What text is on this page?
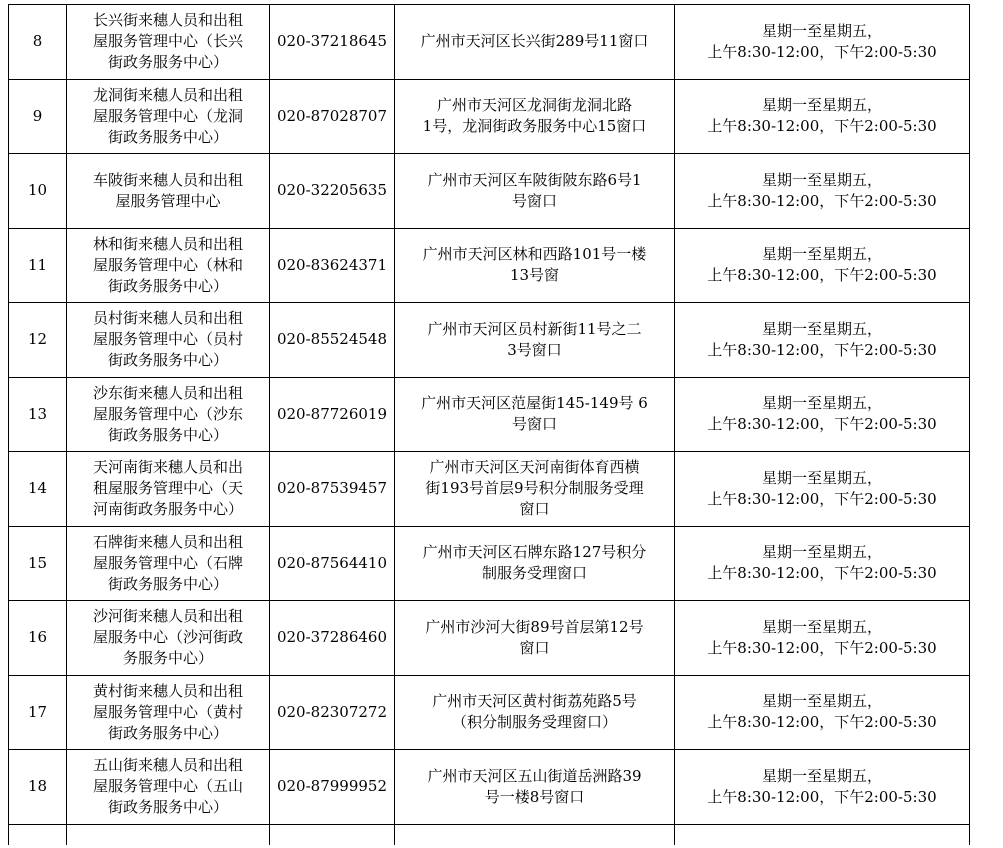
8	长兴街来穗人员和出租
屋服务管理中心（长兴
街政务服务中心）	020-37218645	广州市天河区长兴街289号11窗口	星期一至星期五，
上午8:30-12:00，下午2:00-5:30

9	龙洞街来穗人员和出租
屋服务管理中心（龙洞
街政务服务中心）	020-87028707	广州市天河区龙洞街龙洞北路
1号，龙洞街政务服务中心15窗口	星期一至星期五，
上午8:30-12:00，下午2:00-5:30

10	车陂街来穗人员和出租
屋服务管理中心	020-32205635	广州市天河区车陂街陂东路6号1
号窗口	星期一至星期五，
上午8:30-12:00，下午2:00-5:30

11	林和街来穗人员和出租
屋服务管理中心（林和
街政务服务中心）	020-83624371	广州市天河区林和西路101号一楼
13号窗	星期一至星期五，
上午8:30-12:00，下午2:00-5:30

12	员村街来穗人员和出租
屋服务管理中心（员村
街政务服务中心）	020-85524548	广州市天河区员村新街11号之二
3号窗口	星期一至星期五，
上午8:30-12:00，下午2:00-5:30

13	沙东街来穗人员和出租
屋服务管理中心（沙东
街政务服务中心）	020-87726019	广州市天河区范屋街145-149号 6
号窗口	星期一至星期五，
上午8:30-12:00，下午2:00-5:30

14	天河南街来穗人员和出
租屋服务管理中心（天
河南街政务服务中心）	020-87539457	广州市天河区天河南街体育西横
街193号首层9号积分制服务受理
窗口	星期一至星期五，
上午8:30-12:00，下午2:00-5:30

15	石牌街来穗人员和出租
屋服务管理中心（石牌
街政务服务中心）	020-87564410	广州市天河区石牌东路127号积分
制服务受理窗口	星期一至星期五，
上午8:30-12:00，下午2:00-5:30

16	沙河街来穗人员和出租
屋服务中心（沙河街政
务服务中心）	020-37286460	广州市沙河大街89号首层第12号
窗口	星期一至星期五，
上午8:30-12:00，下午2:00-5:30

17	黄村街来穗人员和出租
屋服务管理中心（黄村
街政务服务中心）	020-82307272	广州市天河区黄村街荔苑路5号
（积分制服务受理窗口）	星期一至星期五，
上午8:30-12:00，下午2:00-5:30

18	五山街来穗人员和出租
屋服务管理中心（五山
街政务服务中心）	020-87999952	广州市天河区五山街道岳洲路39
号一楼8号窗口	星期一至星期五，
上午8:30-12:00，下午2:00-5:30
